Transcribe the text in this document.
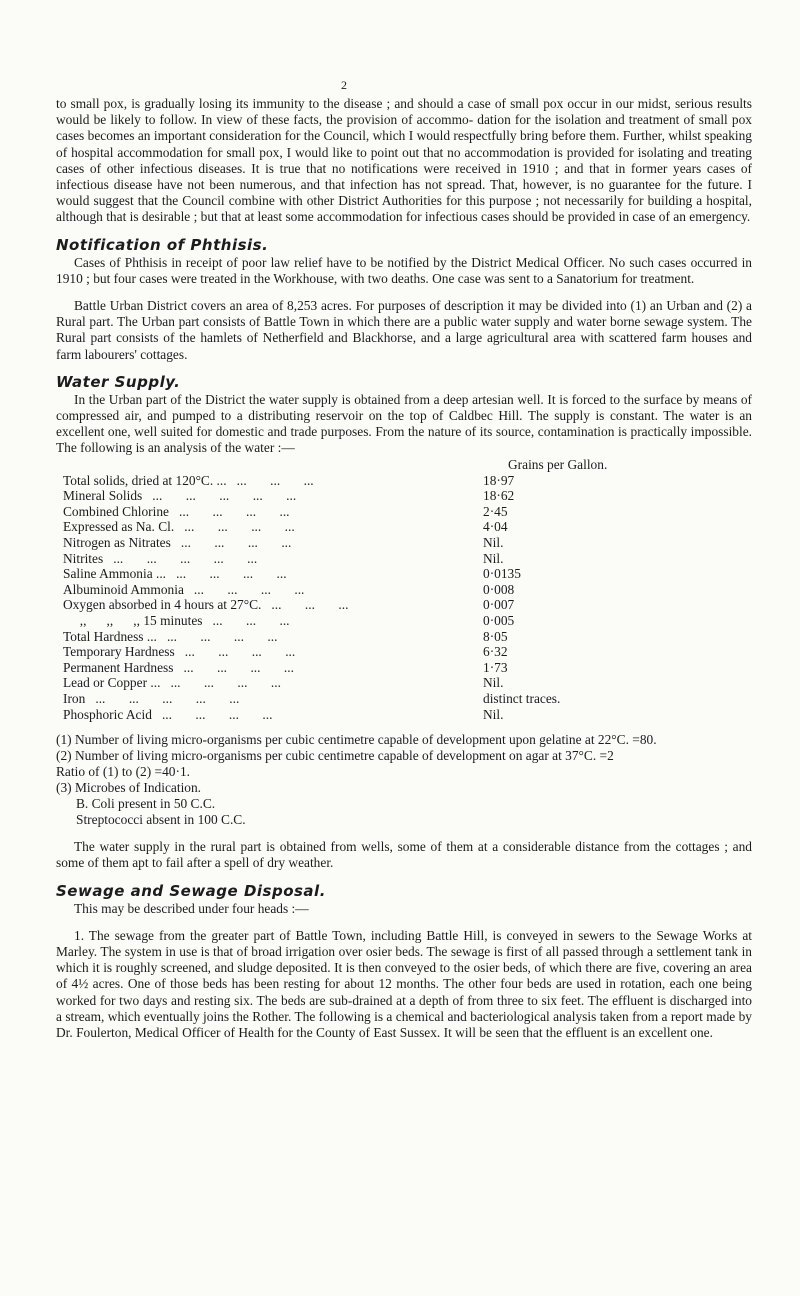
2

to small pox, is gradually losing its immunity to the disease ; and should a case of small pox occur in our midst, serious results would be likely to follow. In view of these facts, the provision of accommo- dation for the isolation and treatment of small pox cases becomes an important consideration for the Council, which I would respectfully bring before them. Further, whilst speaking of hospital accommodation for small pox, I would like to point out that no accommodation is provided for isolating and treating cases of other infectious diseases. It is true that no notifications were received in 1910 ; and that in former years cases of infectious disease have not been numerous, and that infection has not spread. That, however, is no guarantee for the future. I would suggest that the Council combine with other District Authorities for this purpose ; not necessarily for building a hospital, although that is desirable ; but that at least some accommodation for infectious cases should be provided in case of an emergency.

Notification of Phthisis.

Cases of Phthisis in receipt of poor law relief have to be notified by the District Medical Officer. No such cases occurred in 1910 ; but four cases were treated in the Workhouse, with two deaths. One case was sent to a Sanatorium for treatment.

Battle Urban District covers an area of 8,253 acres. For purposes of description it may be divided into (1) an Urban and (2) a Rural part. The Urban part consists of Battle Town in which there are a public water supply and water borne sewage system. The Rural part consists of the hamlets of Netherfield and Blackhorse, and a large agricultural area with scattered farm houses and farm labourers' cottages.

Water Supply.

In the Urban part of the District the water supply is obtained from a deep artesian well. It is forced to the surface by means of compressed air, and pumped to a distributing reservoir on the top of Caldbec Hill. The supply is constant. The water is an excellent one, well suited for domestic and trade purposes. From the nature of its source, contamination is practically impossible. The following is an analysis of the water :—

Grains per Gallon.
Total solids, dried at 120°C. ...   ...       ...       ...	18·97
Mineral Solids   ...       ...       ...       ...       ...	18·62
Combined Chlorine   ...       ...       ...       ...	2·45
Expressed as Na. Cl.   ...       ...       ...       ...	4·04
Nitrogen as Nitrates   ...       ...       ...       ...	Nil.
Nitrites   ...       ...       ...       ...       ...	Nil.
Saline Ammonia ...   ...       ...       ...       ...	0·0135
Albuminoid Ammonia   ...       ...       ...       ...	0·008
Oxygen absorbed in 4 hours at 27°C.   ...       ...       ...	0·007
,,      ,,      ,, 15 minutes   ...       ...       ...	0·005
Total Hardness ...   ...       ...       ...       ...	8·05
Temporary Hardness   ...       ...       ...       ...	6·32
Permanent Hardness   ...       ...       ...       ...	1·73
Lead or Copper ...   ...       ...       ...       ...	Nil.
Iron   ...       ...       ...       ...       ...	distinct traces.
Phosphoric Acid   ...       ...       ...       ...	Nil.
(1) Number of living micro-organisms per cubic centimetre capable of development upon gelatine at 22°C. =80.
(2) Number of living micro-organisms per cubic centimetre capable of development on agar at 37°C. =2
Ratio of (1) to (2) =40·1.
(3) Microbes of Indication.
B. Coli present in 50 C.C.
Streptococci absent in 100 C.C.

The water supply in the rural part is obtained from wells, some of them at a considerable distance from the cottages ; and some of them apt to fail after a spell of dry weather.

Sewage and Sewage Disposal.

This may be described under four heads :—

1. The sewage from the greater part of Battle Town, including Battle Hill, is conveyed in sewers to the Sewage Works at Marley. The system in use is that of broad irrigation over osier beds. The sewage is first of all passed through a settlement tank in which it is roughly screened, and sludge deposited. It is then conveyed to the osier beds, of which there are five, covering an area of 4½ acres. One of those beds has been resting for about 12 months. The other four beds are used in rotation, each one being worked for two days and resting six. The beds are sub-drained at a depth of from three to six feet. The effluent is discharged into a stream, which eventually joins the Rother. The following is a chemical and bacteriological analysis taken from a report made by Dr. Foulerton, Medical Officer of Health for the County of East Sussex. It will be seen that the effluent is an excellent one.
